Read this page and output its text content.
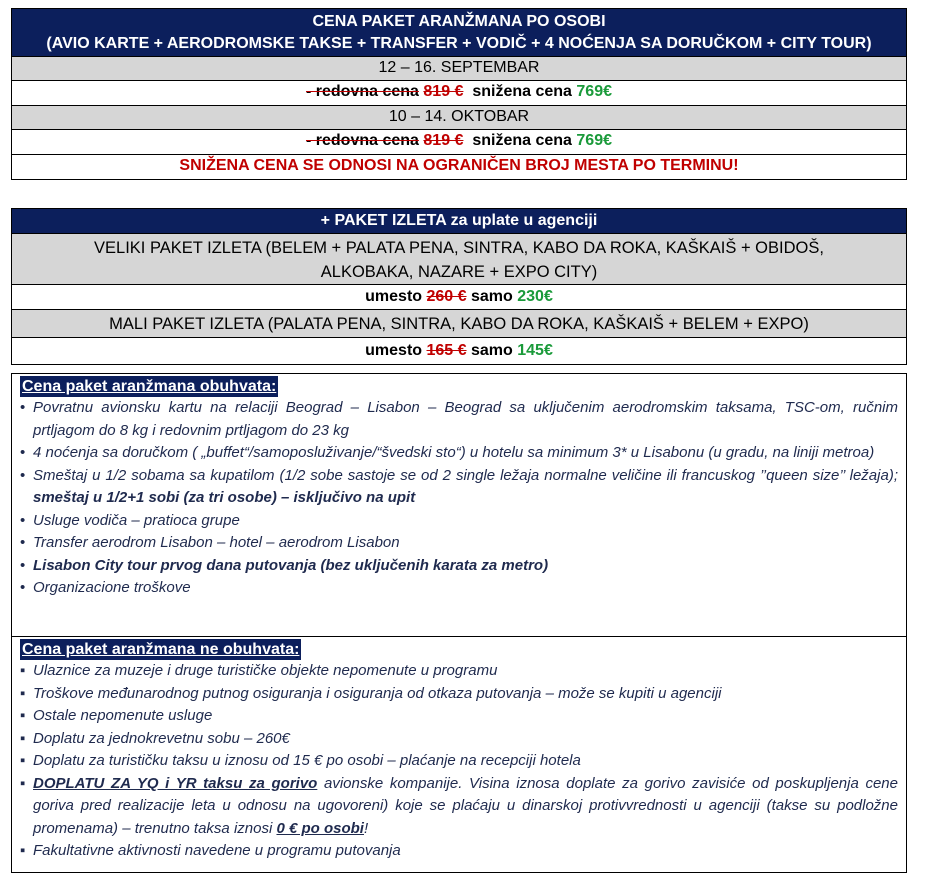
CENA PAKET ARANŽMANA PO OSOBI
(AVIO KARTE + AERODROMSKE TAKSE + TRANSFER + VODIČ + 4 NOĆENJA SA DORUČKOM + CITY TOUR)
12 – 16. SEPTEMBAR
- redovna cena 819 € snižena cena 769€
10 – 14. OKTOBAR
- redovna cena 819 € snižena cena 769€
SNIŽENA CENA SE ODNOSI NA OGRANIČEN BROJ MESTA PO TERMINU!
+ PAKET IZLETA za uplate u agenciji
VELIKI PAKET IZLETA (BELEM + PALATA PENA, SINTRA, KABO DA ROKA, KAŠKAIŠ + OBIDOŠ, ALKOBAKA, NAZARE + EXPO CITY)
umesto 260 € samo 230€
MALI PAKET IZLETA (PALATA PENA, SINTRA, KABO DA ROKA, KAŠKAIŠ + BELEM + EXPO)
umesto 165 € samo 145€
Cena paket aranžmana obuhvata:
• Povratnu avionsku kartu na relaciji Beograd – Lisabon – Beograd sa uključenim aerodromskim taksama, TSC-om, ručnim prtljagom do 8 kg i redovnim prtljagom do 23 kg
• 4 noćenja sa doručkom ( „buffet“/samoposluživanje/“švedski sto“) u hotelu sa minimum 3* u Lisabonu (u gradu, na liniji metroa)
• Smeštaj u 1/2 sobama sa kupatilom (1/2 sobe sastoje se od 2 single ležaja normalne veličine ili francuskog ’’queen size’’ ležaja); smeštaj u 1/2+1 sobi (za tri osobe) – isključivo na upit
• Usluge vodiča – pratioca grupe
• Transfer aerodrom Lisabon – hotel – aerodrom Lisabon
• Lisabon City tour prvog dana putovanja (bez uključenih karata za metro)
• Organizacione troškove
Cena paket aranžmana ne obuhvata:
▪ Ulaznice za muzeje i druge turističke objekte nepomenute u programu
▪ Troškove međunarodnog putnog osiguranja i osiguranja od otkaza putovanja – može se kupiti u agenciji
▪ Ostale nepomenute usluge
▪ Doplatu za jednokrevetnu sobu – 260€
▪ Doplatu za turističku taksu u iznosu od 15 € po osobi – plaćanje na recepciji hotela
▪ DOPLATU ZA YQ i YR taksu za gorivo avionske kompanije. Visina iznosa doplate za gorivo zavisiće od poskupljenja cene goriva pred realizacije leta u odnosu na ugovoreni) koje se plaćaju u dinarskoj protivvrednosti u agenciji (takse su podložne promenama) – trenutno taksa iznosi 0 € po osobi!
▪ Fakultativne aktivnosti navedene u programu putovanja
